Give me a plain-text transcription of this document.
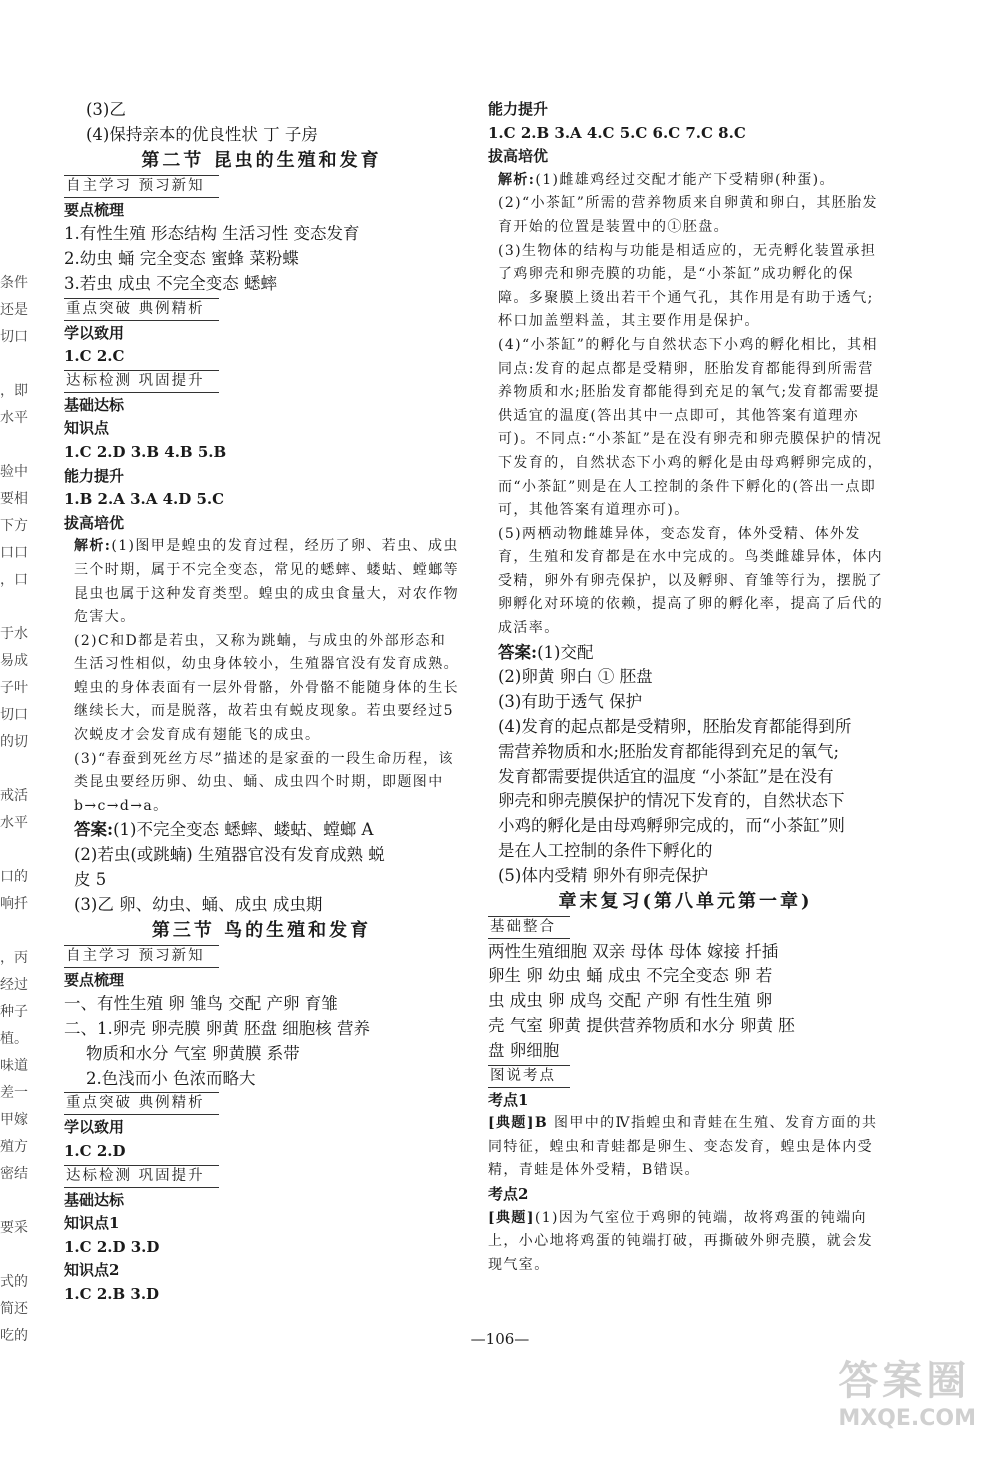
条件
还是
切口
，即
水平
验中
要相
下方
口口
，口
于水
易成
子叶
切口
的切
戒活
水平
口的
响扦
，丙
经过
种子
植。
味道
差一
甲嫁
殖方
密结
要采
式的
简还
吃的
(3)乙
(4)保持亲本的优良性状 丁 子房
第二节 昆虫的生殖和发育
自主学习 预习新知
要点梳理
1.有性生殖 形态结构 生活习性 变态发育
2.幼虫 蛹 完全变态 蜜蜂 菜粉蝶
3.若虫 成虫 不完全变态 蟋蟀
重点突破 典例精析
学以致用
1.C 2.C
达标检测 巩固提升
基础达标
知识点
1.C 2.D 3.B 4.B 5.B
能力提升
1.B 2.A 3.A 4.D 5.C
拔高培优
解析:(1)图甲是蝗虫的发育过程，经历了卵、若虫、成虫三个时期，属于不完全变态，常见的蟋蟀、蝼蛄、螳螂等昆虫也属于这种发育类型。蝗虫的成虫食量大，对农作物危害大。
(2)C和D都是若虫，又称为跳蝻，与成虫的外部形态和生活习性相似，幼虫身体较小，生殖器官没有发育成熟。蝗虫的身体表面有一层外骨骼，外骨骼不能随身体的生长继续长大，而是脱落，故若虫有蜕皮现象。若虫要经过5次蜕皮才会发育成有翅能飞的成虫。
(3)“春蚕到死丝方尽”描述的是家蚕的一段生命历程，该类昆虫要经历卵、幼虫、蛹、成虫四个时期，即题图中b→c→d→a。
答案:(1)不完全变态 蟋蟀、蝼蛄、螳螂 A
(2)若虫(或跳蝻) 生殖器官没有发育成熟 蜕
皮 5
(3)乙 卵、幼虫、蛹、成虫 成虫期
第三节 鸟的生殖和发育
自主学习 预习新知
要点梳理
一、有性生殖 卵 雏鸟 交配 产卵 育雏
二、1.卵壳 卵壳膜 卵黄 胚盘 细胞核 营养
物质和水分 气室 卵黄膜 系带
2.色浅而小 色浓而略大
重点突破 典例精析
学以致用
1.C 2.D
达标检测 巩固提升
基础达标
知识点1
1.C 2.D 3.D
知识点2
1.C 2.B 3.D
能力提升
1.C 2.B 3.A 4.C 5.C 6.C 7.C 8.C
拔高培优
解析:(1)雌雄鸡经过交配才能产下受精卵(种蛋)。
(2)“小茶缸”所需的营养物质来自卵黄和卵白，其胚胎发育开始的位置是装置中的①胚盘。
(3)生物体的结构与功能是相适应的，无壳孵化装置承担了鸡卵壳和卵壳膜的功能，是“小茶缸”成功孵化的保障。多聚膜上烫出若干个通气孔，其作用是有助于透气;杯口加盖塑料盖，其主要作用是保护。
(4)“小茶缸”的孵化与自然状态下小鸡的孵化相比，其相同点:发育的起点都是受精卵，胚胎发育都能得到所需营养物质和水;胚胎发育都能得到充足的氧气;发育都需要提供适宜的温度(答出其中一点即可，其他答案有道理亦可)。不同点:“小茶缸”是在没有卵壳和卵壳膜保护的情况下发育的，自然状态下小鸡的孵化是由母鸡孵卵完成的，而“小茶缸”则是在人工控制的条件下孵化的(答出一点即可，其他答案有道理亦可)。
(5)两栖动物雌雄异体，变态发育，体外受精、体外发育，生殖和发育都是在水中完成的。鸟类雌雄异体，体内受精，卵外有卵壳保护，以及孵卵、育雏等行为，摆脱了卵孵化对环境的依赖，提高了卵的孵化率，提高了后代的成活率。
答案:(1)交配
(2)卵黄 卵白 ① 胚盘
(3)有助于透气 保护
(4)发育的起点都是受精卵，胚胎发育都能得到所
需营养物质和水;胚胎发育都能得到充足的氧气;
发育都需要提供适宜的温度 “小茶缸”是在没有
卵壳和卵壳膜保护的情况下发育的，自然状态下
小鸡的孵化是由母鸡孵卵完成的，而“小茶缸”则
是在人工控制的条件下孵化的
(5)体内受精 卵外有卵壳保护
章末复习(第八单元第一章)
基础整合
两性生殖细胞 双亲 母体 母体 嫁接 扦插
卵生 卵 幼虫 蛹 成虫 不完全变态 卵 若
虫 成虫 卵 成鸟 交配 产卵 有性生殖 卵
壳 气室 卵黄 提供营养物质和水分 卵黄 胚
盘 卵细胞
图说考点
考点1
[典题]B 图甲中的Ⅳ指蝗虫和青蛙在生殖、发育方面的共同特征，蝗虫和青蛙都是卵生、变态发育，蝗虫是体内受精，青蛙是体外受精，B错误。
考点2
[典题](1)因为气室位于鸡卵的钝端，故将鸡蛋的钝端向上，小心地将鸡蛋的钝端打破，再撕破外卵壳膜，就会发现气室。
—106—
答案圈
MXQE.COM
